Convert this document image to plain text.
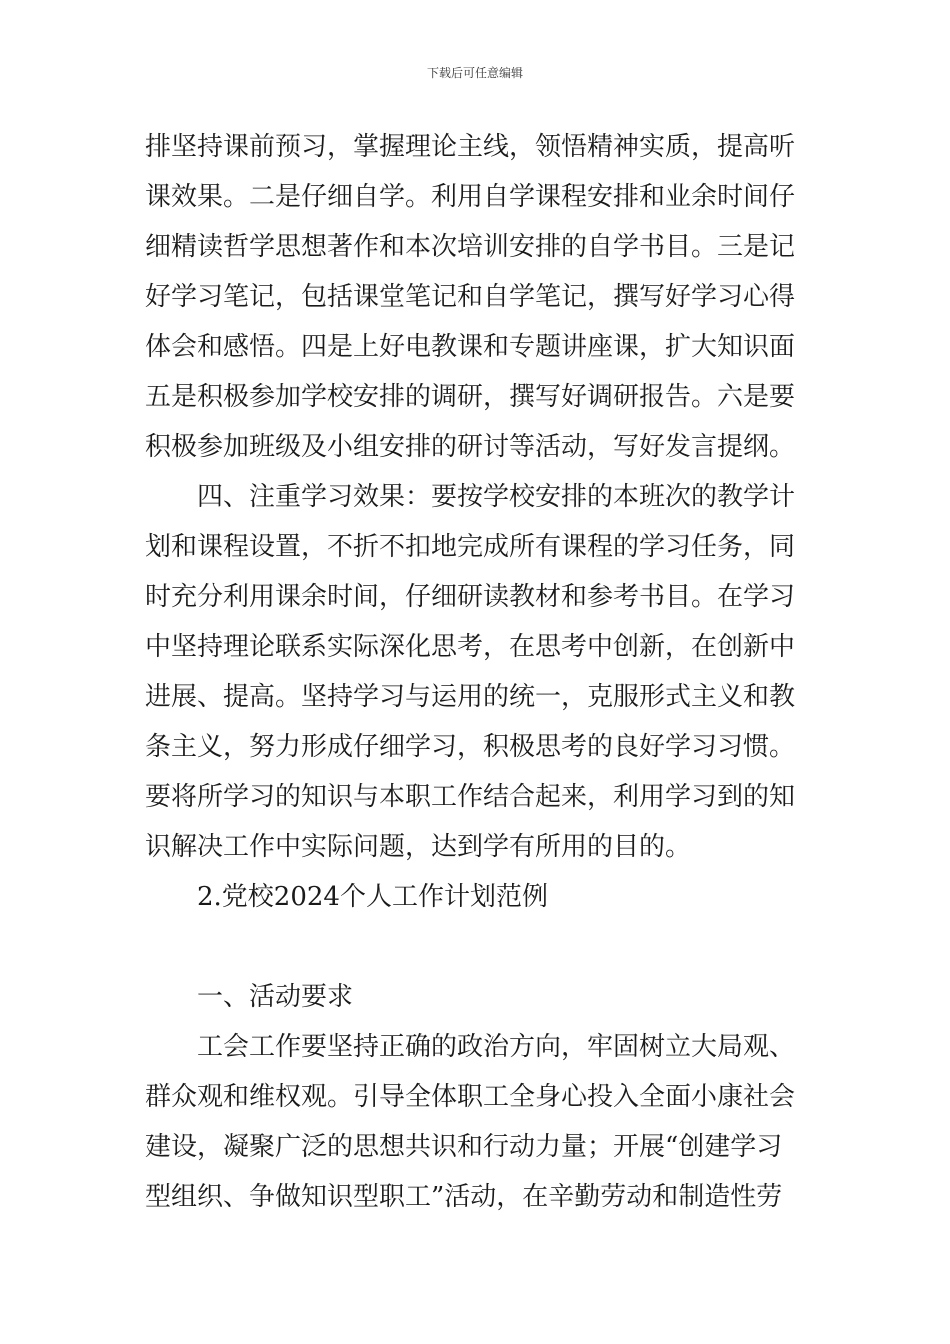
下载后可任意编辑
排坚持课前预习，掌握理论主线，领悟精神实质，提高听
课效果。二是仔细自学。利用自学课程安排和业余时间仔
细精读哲学思想著作和本次培训安排的自学书目。三是记
好学习笔记，包括课堂笔记和自学笔记，撰写好学习心得
体会和感悟。四是上好电教课和专题讲座课，扩大知识面
五是积极参加学校安排的调研，撰写好调研报告。六是要
积极参加班级及小组安排的研讨等活动，写好发言提纲。
四、注重学习效果：要按学校安排的本班次的教学计
划和课程设置，不折不扣地完成所有课程的学习任务，同
时充分利用课余时间，仔细研读教材和参考书目。在学习
中坚持理论联系实际深化思考，在思考中创新，在创新中
进展、提高。坚持学习与运用的统一，克服形式主义和教
条主义，努力形成仔细学习，积极思考的良好学习习惯。
要将所学习的知识与本职工作结合起来，利用学习到的知
识解决工作中实际问题，达到学有所用的目的。
2.党校2024个人工作计划范例
一、活动要求
工会工作要坚持正确的政治方向，牢固树立大局观、
群众观和维权观。引导全体职工全身心投入全面小康社会
建设，凝聚广泛的思想共识和行动力量；开展“创建学习
型组织、争做知识型职工”活动，在辛勤劳动和制造性劳
